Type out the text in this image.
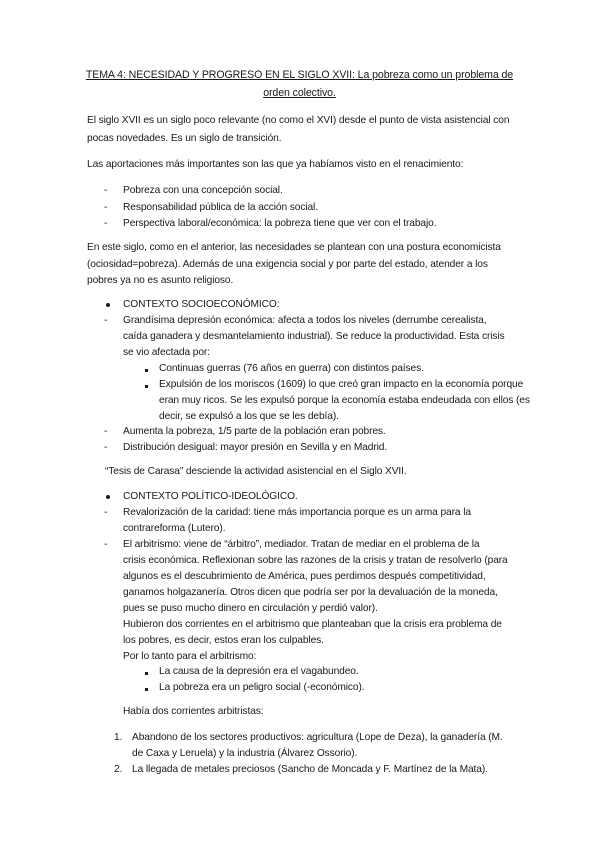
TEMA 4: NECESIDAD Y PROGRESO EN EL SIGLO XVII: La pobreza como un problema de
orden colectivo.
El siglo XVII es un siglo poco relevante (no como el XVI) desde el punto de vista asistencial con
pocas novedades. Es un siglo de transición.
Las aportaciones más importantes son las que ya habíamos visto en el renacimiento:
- Pobreza con una concepción social.
- Responsabilidad pública de la acción social.
- Perspectiva laboral/económica: la pobreza tiene que ver con el trabajo.
En este siglo, como en el anterior, las necesidades se plantean con una postura economicista
(ociosidad=pobreza). Además de una exigencia social y por parte del estado, atender a los
pobres ya no es asunto religioso.
CONTEXTO SOCIOECONÓMICO:
- Grandísima depresión económica: afecta a todos los niveles (derrumbe cerealista,
caída ganadera y desmantelamiento industrial). Se reduce la productividad. Esta crisis
se vio afectada por:
Continuas guerras (76 años en guerra) con distintos países.
Expulsión de los moriscos (1609) lo que creó gran impacto en la economía porque
eran muy ricos. Se les expulsó porque la economía estaba endeudada con ellos (es
decir, se expulsó a los que se les debía).
- Aumenta la pobreza, 1/5 parte de la población eran pobres.
- Distribución desigual: mayor presión en Sevilla y en Madrid.
“Tesis de Carasa” desciende la actividad asistencial en el Siglo XVII.
CONTEXTO POLÍTICO-IDEOLÓGICO.
- Revalorización de la caridad: tiene más importancia porque es un arma para la
contrareforma (Lutero).
- El arbitrismo: viene de “árbitro”, mediador. Tratan de mediar en el problema de la
crisis económica. Reflexionan sobre las razones de la crisis y tratan de resolverlo (para
algunos es el descubrimiento de América, pues perdimos después competitividad,
ganamos holgazanería. Otros dicen que podría ser por la devaluación de la moneda,
pues se puso mucho dinero en circulación y perdió valor).
Hubieron dos corrientes en el arbitrismo que planteaban que la crisis era problema de
los pobres, es decir, estos eran los culpables.
Por lo tanto para el arbitrismo:
La causa de la depresión era el vagabundeo.
La pobreza era un peligro social (-económico).
Había dos corrientes arbitristas:
1. Abandono de los sectores productivos: agricultura (Lope de Deza), la ganadería (M.
de Caxa y Leruela) y la industria (Álvarez Ossorio).
2. La llegada de metales preciosos (Sancho de Moncada y F. Martínez de la Mata).
